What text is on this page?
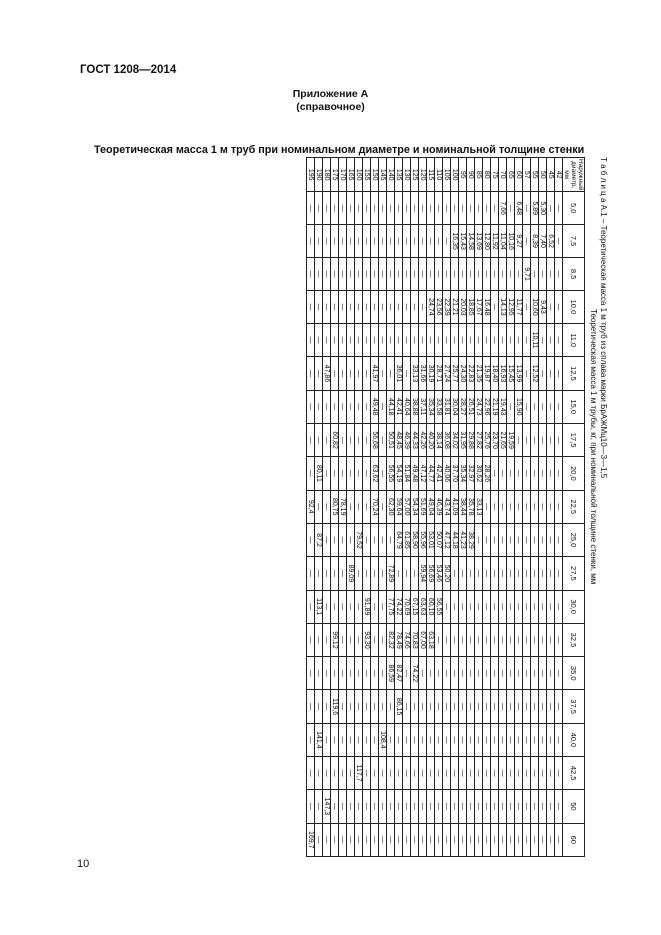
ГОСТ 1208—2014
Приложение А
(справочное)
Теоретическая масса 1 м труб при номинальном диаметре и номинальной толщине стенки
Т а б л и ц а А.1 – Теоретическая масса 1 м труб из сплава марки БрАЖМц10—3—1,5
Теоретическая масса 1 м трубы, кг, при номинальной толщине стенки, мм
Наружный диаметр, мм	5,0	7,5	8,5	10,0	11,0	12,5	15,0	17,5	20,0	22,5	25,0	27,5	30,0	32,5	35,0	37,5	40,0	42,5	50	60
42	—	—	—	—	—	—	—	—	—	—	—	—	—	—	—	—	—	—	—	—
45	—	6,52	—	—	—	—	—	—	—	—	—	—	—	—	—	—	—	—	—	—
50	5,30	7,40	—	9,43	—	—	—	—	—	—	—	—	—	—	—	—	—	—	—	—
55	5,89	8,39	—	10,60	10,11	12,52	—	—	—	—	—	—	—	—	—	—	—	—	—	—
57	—	—	9,71	—	—	—	—	—	—	—	—	—	—	—	—	—	—	—	—	—
60	6,48	9,27	—	11,77	—	13,99	15,90	—	—	—	—	—	—	—	—	—	—	—	—	—
65	—	10,16	—	12,95	—	15,45	—	19,59	—	—	—	—	—	—	—	—	—	—	—	—
70	7,66	11,04	—	14,13	—	16,93	19,43	21,65	—	—	—	—	—	—	—	—	—	—	—	—
75	—	11,92	—	—	—	18,40	21,19	23,70	—	—	—	—	—	—	—	—	—	—	—	—
80	—	12,80	—	16,48	—	19,87	22,96	25,76	28,26	—	—	—	—	—	—	—	—	—	—	—
85	—	13,69	—	17,67	—	21,35	24,73	27,82	30,62	33,13	—	—	—	—	—	—	—	—	—	—
90	—	14,58	—	18,85	—	22,83	26,51	29,88	32,97	35,78	38,29	—	—	—	—	—	—	—	—	—
95	—	15,43	—	20,03	—	24,30	28,27	31,95	35,34	38,44	41,23	—	—	—	—	—	—	—	—	—
100	—	16,35	—	21,21	—	25,77	30,04	34,02	37,70	41,09	44,18	—	—	—	—	—	—	—	—	—
105	—	—	—	22,39	—	27,24	31,81	36,08	40,06	43,74	47,12	50,20	—	—	—	—	—	—	—	—
110	—	—	—	23,56	—	28,71	33,58	38,14	42,41	46,39	50,07	53,46	56,55	—	—	—	—	—	—	—
115	—	—	—	24,74	—	30,19	35,34	40,20	44,77	49,04	53,01	56,69	60,10	63,18	—	—	—	—	—	—
120	—	—	—	—	—	31,66	37,11	42,26	47,12	51,69	55,96	59,94	63,63	67,00	—	—	—	—	—	—
125	—	—	—	—	—	33,13	38,88	44,33	49,48	54,34	58,90	—	67,15	70,83	74,22	—	—	—	—	—
130	—	—	—	—	—	—	40,64	46,39	51,84	57,00	61,85	—	70,69	74,66	—	—	—	—	—	—
135	—	—	—	—	—	36,01	42,41	48,45	54,19	59,64	64,79	—	74,22	78,49	82,47	86,15	—	—	—	—
140	—	—	—	—	—	—	44,18	50,51	56,55	62,30	—	72,89	77,75	82,32	86,59	—	—	—	—	—
145	—	—	—	—	—	—	—	—	—	—	—	—	—	—	—	—	108,4	—	—	—
150	—	—	—	—	—	41,97	49,48	56,68	63,62	70,24	—	—	—	—	—	—	—	—	—	—
155	—	—	—	—	—	—	—	—	—	—	—	—	91,89	93,30	—	—	—	—	—	—
160	—	—	—	—	—	—	—	—	—	—	79,52	—	—	—	—	—	—	117,7	—	—
165	—	—	—	—	—	—	—	—	—	—	—	89,09	—	—	—	—	—	—	—	—
170	—	—	—	—	—	—	—	—	—	78,19	—	—	—	—	—	—	—	—	—	—
175	—	—	—	—	—	—	—	60,82	—	80,75	—	—	—	99,12	—	119,6	—	—	—	—
180	—	—	—	—	—	47,86	—	—	—	—	—	—	—	—	—	—	—	—	147,3	—
190	—	—	—	—	—	—	—	—	80,11	—	87,2	—	113,1	—	—	—	141,4	—	—	—
195	—	—	—	—	—	—	—	—	—	92,4	—	—	—	—	—	—	—	—	—	169,7
10
